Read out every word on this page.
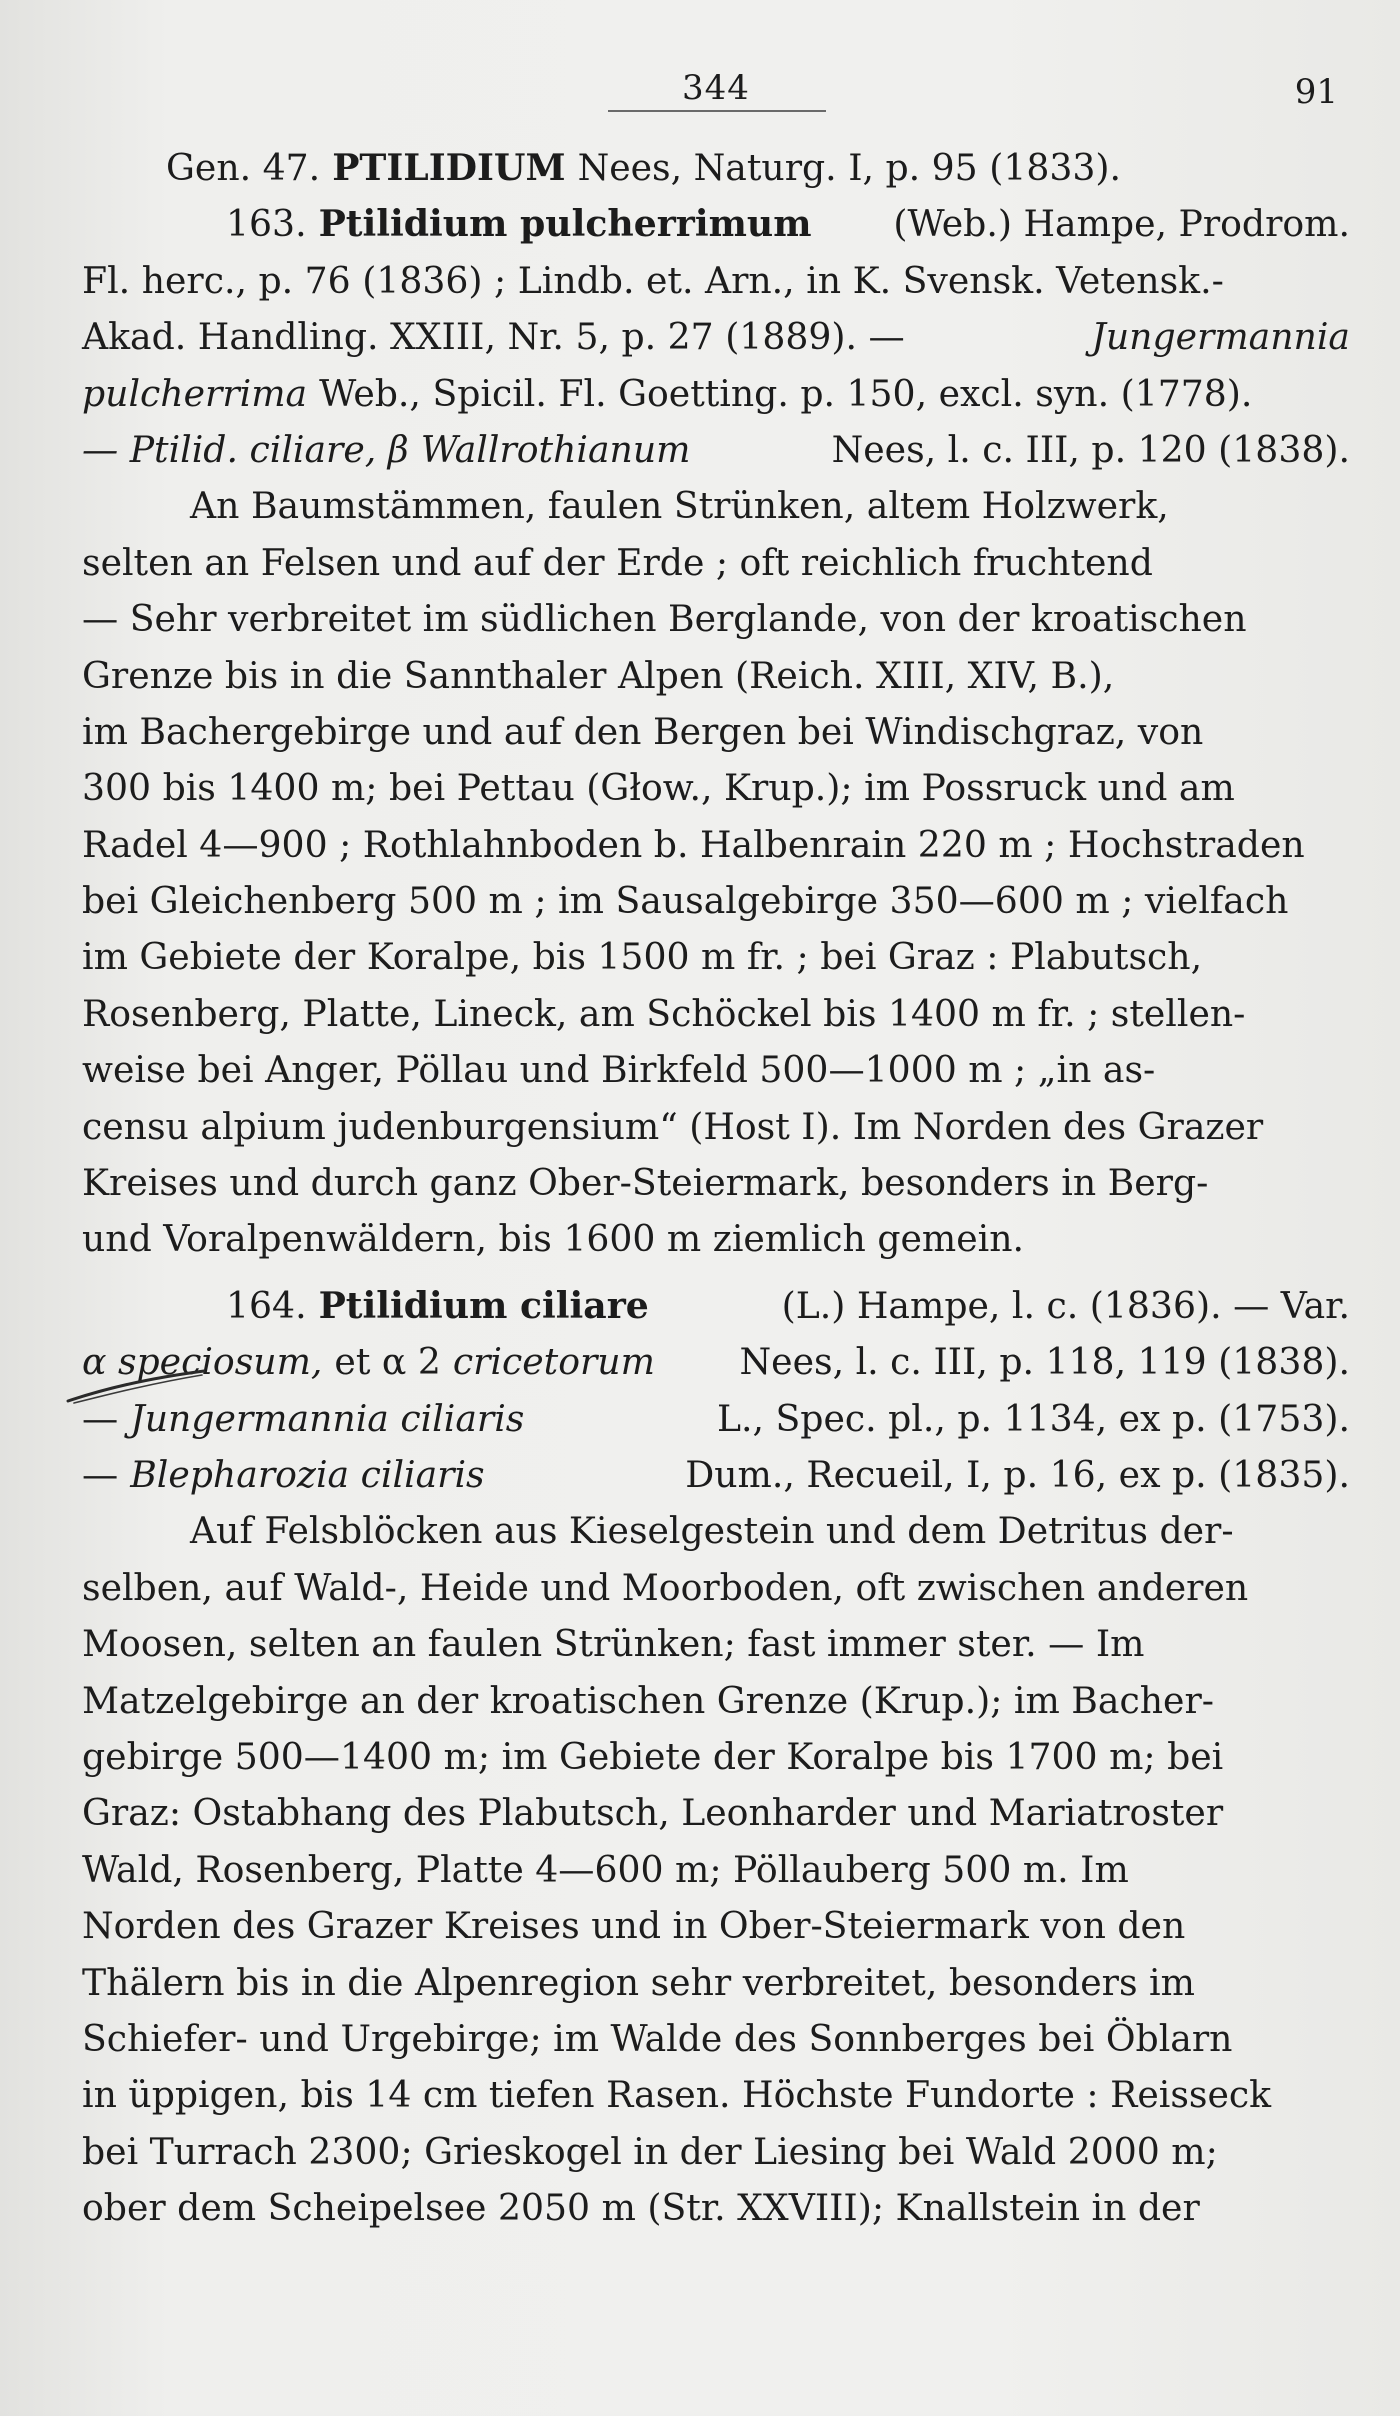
344	91
Gen. 47. PTILIDIUM Nees, Naturg. I, p. 95 (1833).
163. Ptilidium pulcherrimum (Web.) Hampe, Prodrom.
Fl. herc., p. 76 (1836) ; Lindb. et. Arn., in K. Svensk. Vetensk.-
Akad. Handling. XXIII, Nr. 5, p. 27 (1889). —	Jungermannia
pulcherrima Web., Spicil. Fl. Goetting. p. 150, excl. syn. (1778).
— Ptilid. ciliare, β Wallrothianum	Nees, l. c. III, p. 120 (1838).
An Baumstämmen, faulen Strünken, altem Holzwerk,
selten an Felsen und auf der Erde ; oft reichlich fruchtend
— Sehr verbreitet im südlichen Berglande, von der kroatischen
Grenze bis in die Sannthaler Alpen (Reich. XIII, XIV, B.),
im Bachergebirge und auf den Bergen bei Windischgraz, von
300 bis 1400 m; bei Pettau (Głow., Krup.); im Possruck und am
Radel 4—900 ; Rothlahnboden b. Halbenrain 220 m ; Hochstraden
bei Gleichenberg 500 m ; im Sausalgebirge 350—600 m ; vielfach
im Gebiete der Koralpe, bis 1500 m fr. ; bei Graz : Plabutsch,
Rosenberg, Platte, Lineck, am Schöckel bis 1400 m fr. ; stellen-
weise bei Anger, Pöllau und Birkfeld 500—1000 m ; „in as-
censu alpium judenburgensium“ (Host I). Im Norden des Grazer
Kreises und durch ganz Ober-Steiermark, besonders in Berg-
und Voralpenwäldern, bis 1600 m ziemlich gemein.
164. Ptilidium ciliare	(L.) Hampe, l. c. (1836). — Var.
α speciosum, et α 2 cricetorum Nees, l. c. III, p. 118, 119 (1838).
— Jungermannia ciliaris	L., Spec. pl., p. 1134, ex p. (1753).
— Blepharozia ciliaris	Dum., Recueil, I, p. 16, ex p. (1835).
Auf Felsblöcken aus Kieselgestein und dem Detritus der-
selben, auf Wald-, Heide und Moorboden, oft zwischen anderen
Moosen, selten an faulen Strünken; fast immer ster. — Im
Matzelgebirge an der kroatischen Grenze (Krup.); im Bacher-
gebirge 500—1400 m; im Gebiete der Koralpe bis 1700 m; bei
Graz: Ostabhang des Plabutsch, Leonharder und Mariatroster
Wald, Rosenberg, Platte 4—600 m; Pöllauberg 500 m. Im
Norden des Grazer Kreises und in Ober-Steiermark von den
Thälern bis in die Alpenregion sehr verbreitet, besonders im
Schiefer- und Urgebirge; im Walde des Sonnberges bei Öblarn
in üppigen, bis 14 cm tiefen Rasen. Höchste Fundorte : Reisseck
bei Turrach 2300; Grieskogel in der Liesing bei Wald 2000 m;
ober dem Scheipelsee 2050 m (Str. XXVIII); Knallstein in der
